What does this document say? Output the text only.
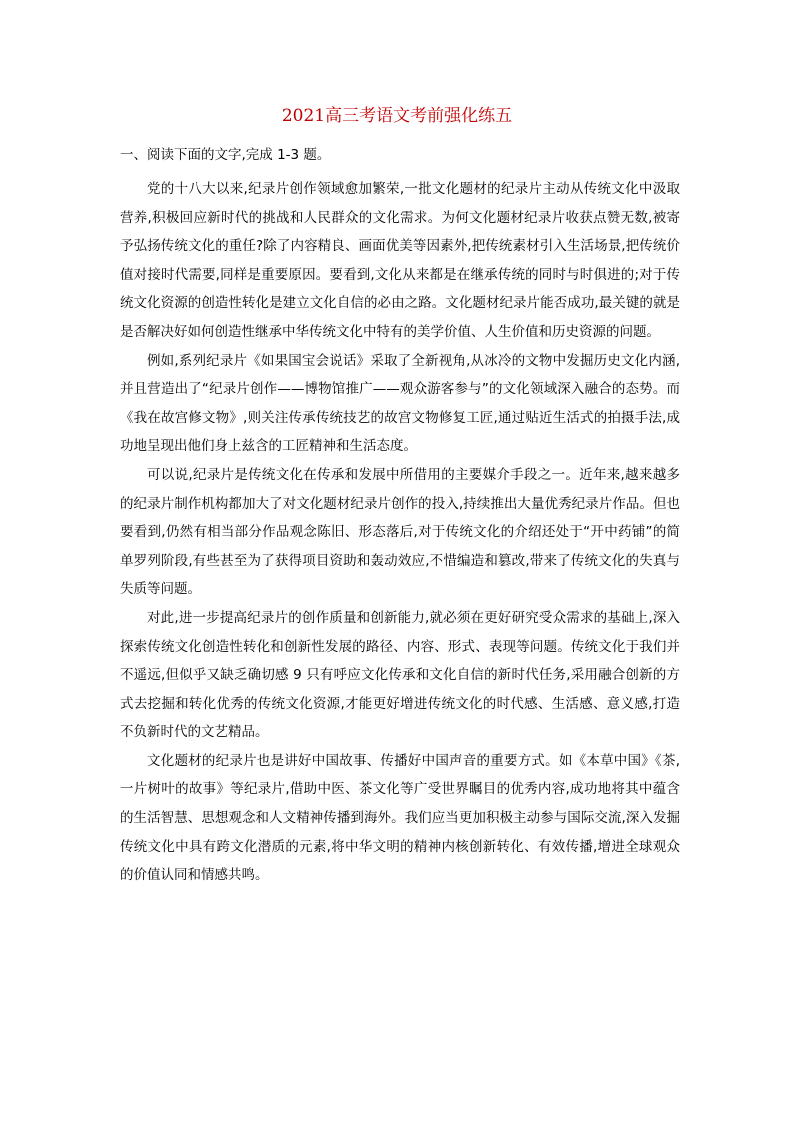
2021高三考语文考前强化练五
一、阅读下面的文字,完成 1-3 题。

党的十八大以来,纪录片创作领域愈加繁荣,一批文化题材的纪录片主动从传统文化中汲取营养,积极回应新时代的挑战和人民群众的文化需求。为何文化题材纪录片收获点赞无数,被寄予弘扬传统文化的重任?除了内容精良、画面优美等因素外,把传统素材引入生活场景,把传统价值对接时代需要,同样是重要原因。要看到,文化从来都是在继承传统的同时与时俱进的;对于传统文化资源的创造性转化是建立文化自信的必由之路。文化题材纪录片能否成功,最关键的就是是否解决好如何创造性继承中华传统文化中特有的美学价值、人生价值和历史资源的问题。

例如,系列纪录片《如果国宝会说话》采取了全新视角,从冰冷的文物中发掘历史文化内涵,并且营造出了“纪录片创作——博物馆推广——观众游客参与”的文化领域深入融合的态势。而《我在故宫修文物》,则关注传承传统技艺的故宫文物修复工匠,通过贴近生活式的拍摄手法,成功地呈现出他们身上兹含的工匠精神和生活态度。

可以说,纪录片是传统文化在传承和发展中所借用的主要媒介手段之一。近年来,越来越多的纪录片制作机构都加大了对文化题材纪录片创作的投入,持续推出大量优秀纪录片作品。但也要看到,仍然有相当部分作品观念陈旧、形态落后,对于传统文化的介绍还处于“开中药铺”的简单罗列阶段,有些甚至为了获得项目资助和轰动效应,不惜编造和篡改,带来了传统文化的失真与失质等问题。

对此,进一步提高纪录片的创作质量和创新能力,就必须在更好研究受众需求的基础上,深入探索传统文化创造性转化和创新性发展的路径、内容、形式、表现等问题。传统文化于我们并不遥远,但似乎又缺乏确切感 9 只有呼应文化传承和文化自信的新时代任务,采用融合创新的方式去挖掘和转化优秀的传统文化资源,才能更好增进传统文化的时代感、生活感、意义感,打造不负新时代的文艺精品。

文化题材的纪录片也是讲好中国故事、传播好中国声音的重要方式。如《本草中国》《茶,一片树叶的故事》等纪录片,借助中医、茶文化等广受世界瞩目的优秀内容,成功地将其中蕴含的生活智慧、思想观念和人文精神传播到海外。我们应当更加积极主动参与国际交流,深入发掘传统文化中具有跨文化潜质的元素,将中华文明的精神内核创新转化、有效传播,增进全球观众的价值认同和情感共鸣。
